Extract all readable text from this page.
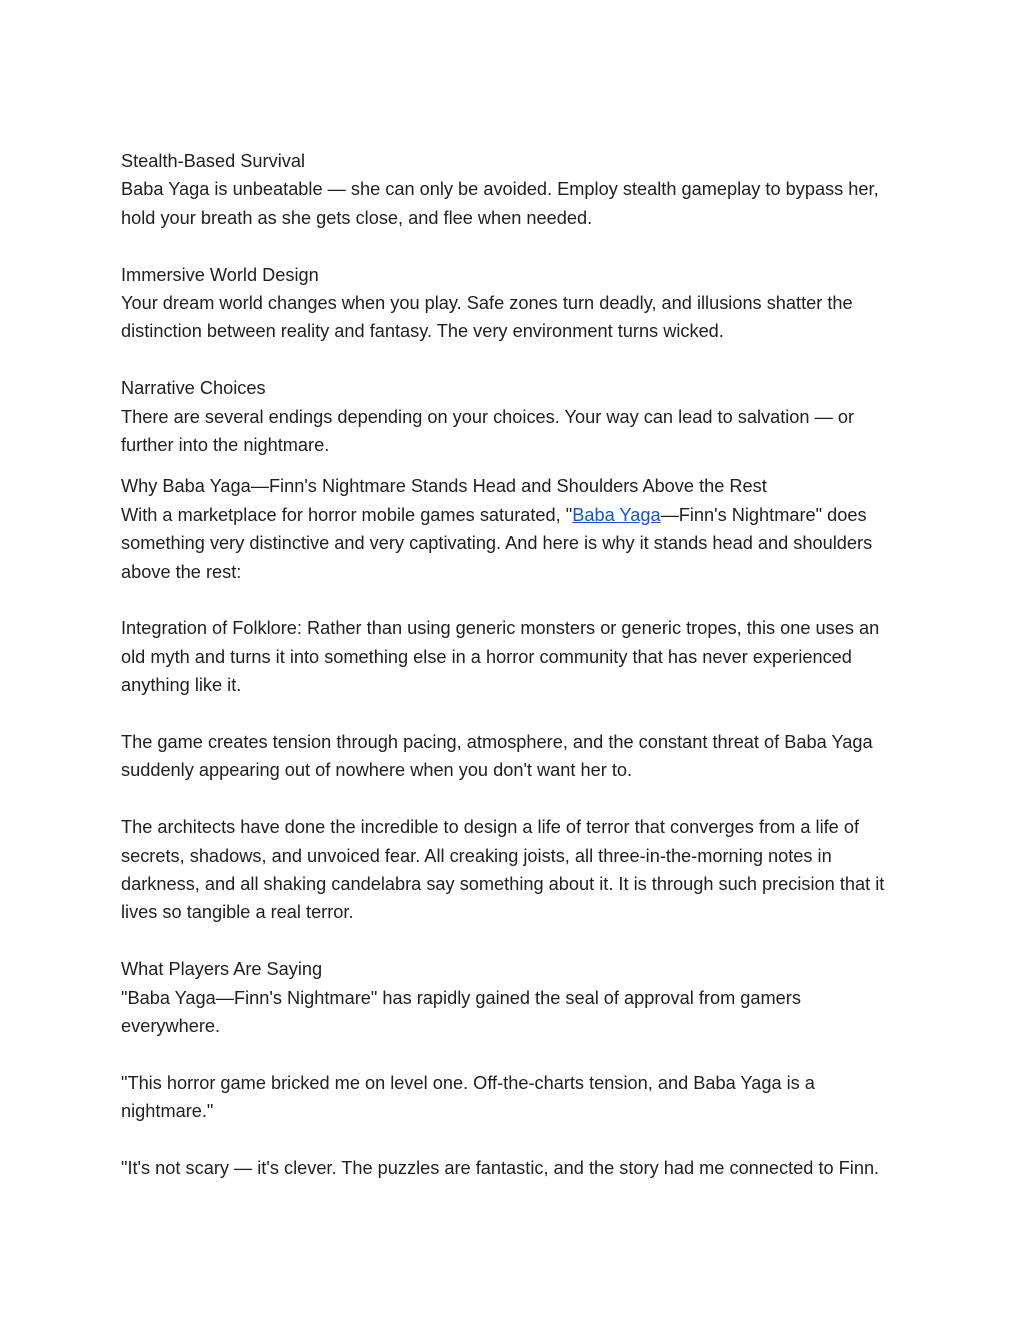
Stealth-Based Survival
Baba Yaga is unbeatable — she can only be avoided. Employ stealth gameplay to bypass her,
hold your breath as she gets close, and flee when needed.
Immersive World Design
Your dream world changes when you play. Safe zones turn deadly, and illusions shatter the
distinction between reality and fantasy. The very environment turns wicked.
Narrative Choices
There are several endings depending on your choices. Your way can lead to salvation — or
further into the nightmare.
Why Baba Yaga—Finn's Nightmare Stands Head and Shoulders Above the Rest
With a marketplace for horror mobile games saturated, "Baba Yaga—Finn's Nightmare" does
something very distinctive and very captivating. And here is why it stands head and shoulders
above the rest:
Integration of Folklore: Rather than using generic monsters or generic tropes, this one uses an
old myth and turns it into something else in a horror community that has never experienced
anything like it.
The game creates tension through pacing, atmosphere, and the constant threat of Baba Yaga
suddenly appearing out of nowhere when you don't want her to.
The architects have done the incredible to design a life of terror that converges from a life of
secrets, shadows, and unvoiced fear. All creaking joists, all three-in-the-morning notes in
darkness, and all shaking candelabra say something about it. It is through such precision that it
lives so tangible a real terror.
What Players Are Saying
"Baba Yaga—Finn's Nightmare" has rapidly gained the seal of approval from gamers
everywhere.
"This horror game bricked me on level one. Off-the-charts tension, and Baba Yaga is a
nightmare."
"It's not scary — it's clever. The puzzles are fantastic, and the story had me connected to Finn.
